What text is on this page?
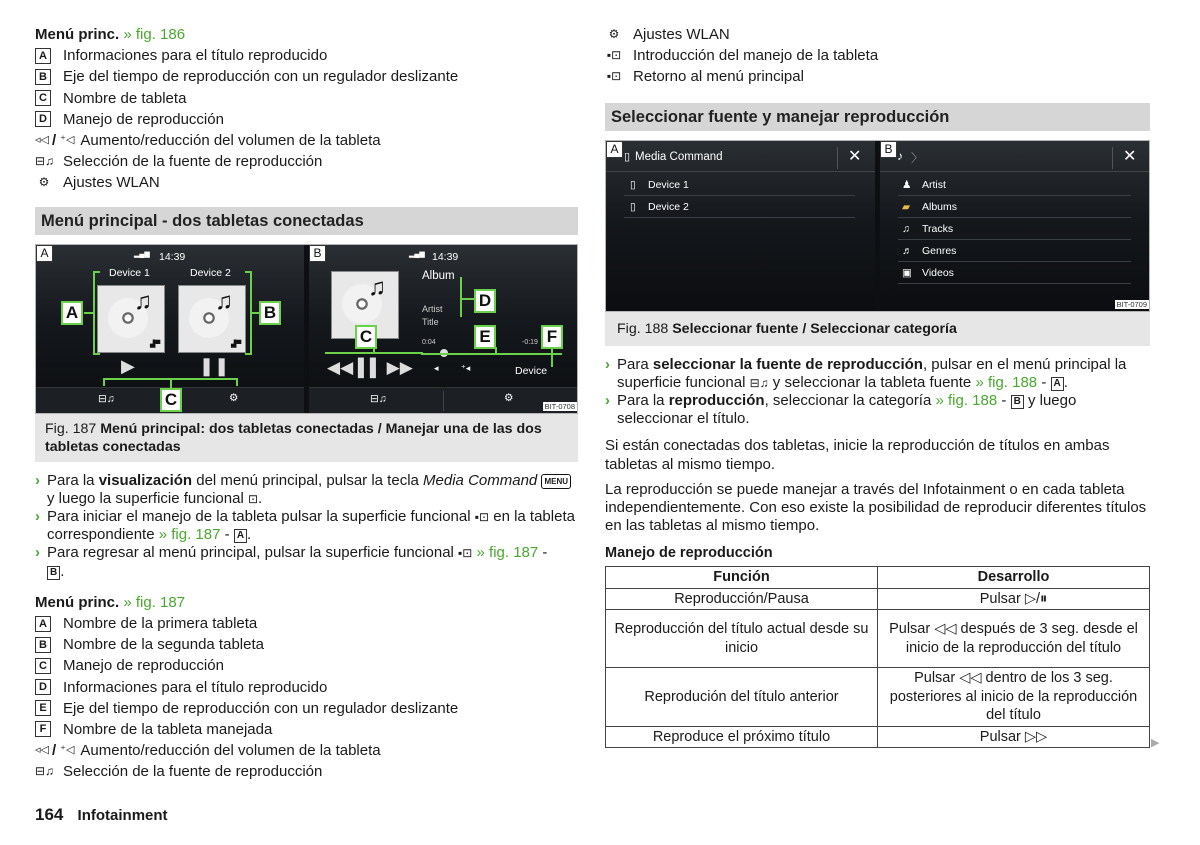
Menú princ.
» fig. 186
A Informaciones para el título reproducido
B Eje del tiempo de reproducción con un regulador deslizante
C Nombre de tableta
D Manejo de reproducción
◃◁ / ⁺◁ Aumento/reducción del volumen de la tableta
⊟♫ Selección de la fuente de reproducción
⚙ Ajustes WLAN
Menú principal - dos tabletas conectadas
A	▂▄▆ 14:39
Device 1	Device 2
♫
▟▀
♫
▟▀
▶	❚❚
⊟♫	⚙
B	▂▄▆ 14:39
♫	Album
Artist
Title
0:04	-0:19
◀◀ ▌▌ ▶▶ ◂ ⁺◂	Device
⊟♫	⚙
BIT-0708
A	B
C
C
D
E	F
Fig. 187 Menú principal: dos tabletas conectadas / Manejar una de las dos tabletas conectadas
› Para la visualización del menú principal, pulsar la tecla Media Command MENU
y luego la superficie funcional ⊡.
› Para iniciar el manejo de la tableta pulsar la superficie funcional ▪⊡ en la tableta correspondiente » fig. 187 - A .
› Para regresar al menú principal, pulsar la superficie funcional ▪⊡ » fig. 187 -
B .
Menú princ.
» fig. 187
A Nombre de la primera tableta
B Nombre de la segunda tableta
C Manejo de reproducción
D Informaciones para el título reproducido
E Eje del tiempo de reproducción con un regulador deslizante
F	Nombre de la tableta manejada
◃◁ / ⁺◁ Aumento/reducción del volumen de la tableta
⊟♫ Selección de la fuente de reproducción
⚙ Ajustes WLAN
▪⊡ Introducción del manejo de la tableta
▪⊡ Retorno al menú principal
Seleccionar fuente y manejar reproducción
A
▯ Media Command	✕
▯ Device 1
▯ Device 2
B ♪ 〉	✕
♟ Artist
▰ Albums
♫ Tracks
♬ Genres
▣ Videos
BIT-0709
Fig. 188 Seleccionar fuente / Seleccionar categoría
› Para seleccionar la fuente de reproducción, pulsar en el menú principal la superficie funcional ⊟♫ y seleccionar la tableta fuente » fig. 188 - A .
› Para la reproducción, seleccionar la categoría » fig. 188 - B y luego seleccionar el título.
Si están conectadas dos tabletas, inicie la reproducción de títulos en ambas tabletas al mismo tiempo.
La reproducción se puede manejar a través del Infotainment o en cada tableta independientemente. Con eso existe la posibilidad de reproducir diferentes títulos en las tabletas al mismo tiempo.
Manejo de reproducción
Función	Desarrollo
Reproducción/Pausa	Pulsar ▷/⏸
Reproducción del título actual desde su inicio	Pulsar ◁◁ después de 3 seg. desde el inicio de la reproducción del título
Reprodución del título anterior	Pulsar ◁◁ dentro de los 3 seg. posteriores al inicio de la reproducción del título
Reproduce el próximo título	Pulsar ▷▷	▶
164 Infotainment
